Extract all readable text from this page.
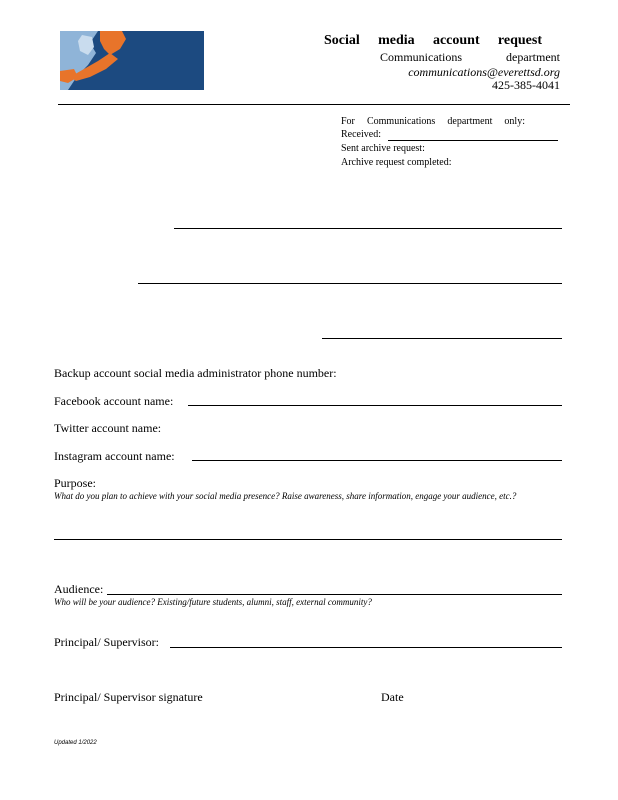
Social media account request
Communications	department
communications@everettsd.org
425-385-4041
For Communications department only:
Received:
Sent archive request:
Archive request completed:
Backup account social media administrator phone number:
Facebook account name:
Twitter account name:
Instagram account name:
Purpose:
What do you plan to achieve with your social media presence? Raise awareness, share information, engage your audience, etc.?
Audience:
Who will be your audience? Existing/future students, alumni, staff, external community?
Principal/ Supervisor:
Principal/ Supervisor signature	Date
Updated 1/2022
